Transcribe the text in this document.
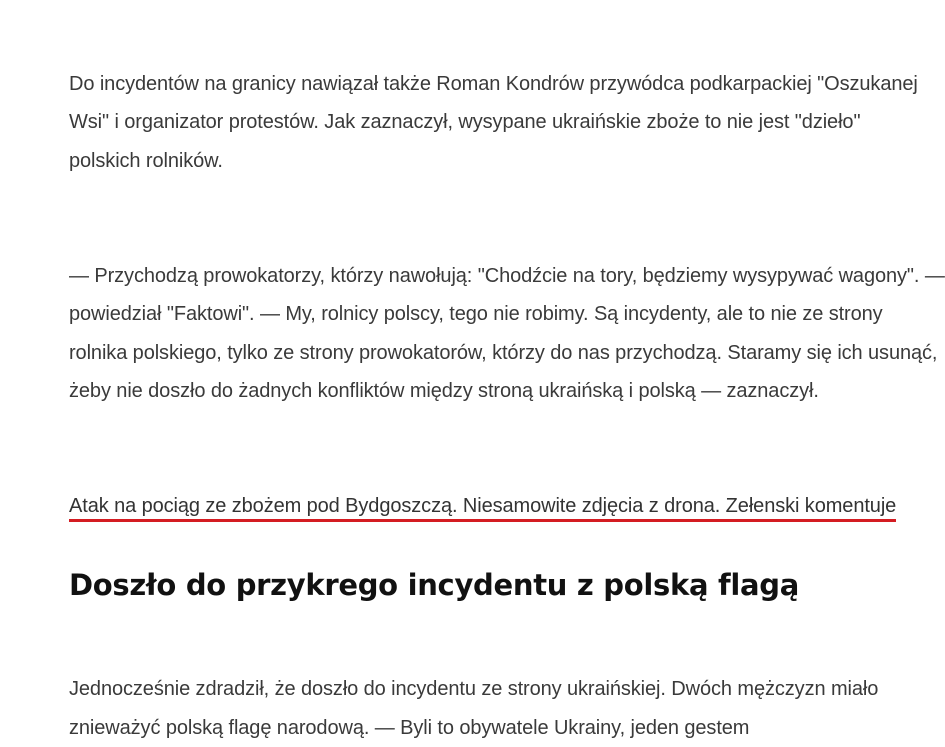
Do incydentów na granicy nawiązał także Roman Kondrów przywódca podkarpackiej "Oszukanej Wsi" i organizator protestów. Jak zaznaczył, wysypane ukraińskie zboże to nie jest "dzieło" polskich rolników.

— Przychodzą prowokatorzy, którzy nawołują: "Chodźcie na tory, będziemy wysypywać wagony". — powiedział "Faktowi". — My, rolnicy polscy, tego nie robimy. Są incydenty, ale to nie ze strony rolnika polskiego, tylko ze strony prowokatorów, którzy do nas przychodzą. Staramy się ich usunąć, żeby nie doszło do żadnych konfliktów między stroną ukraińską i polską — zaznaczył.

Atak na pociąg ze zbożem pod Bydgoszczą. Niesamowite zdjęcia z drona. Zełenski komentuje

Doszło do przykrego incydentu z polską flagą

Jednocześnie zdradził, że doszło do incydentu ze strony ukraińskiej. Dwóch mężczyzn miało znieważyć polską flagę narodową. — Byli to obywatele Ukrainy, jeden gestem
